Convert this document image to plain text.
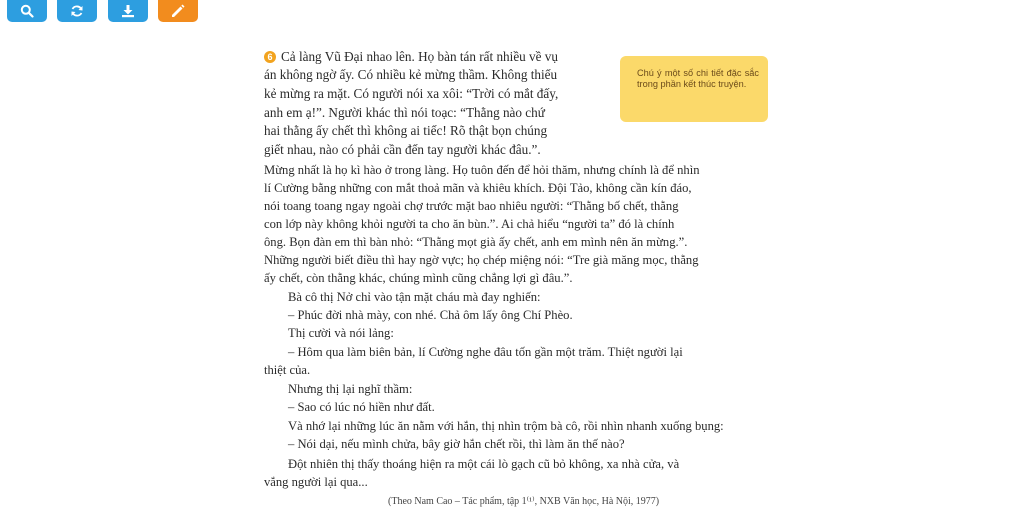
6 Cả làng Vũ Đại nhao lên. Họ bàn tán rất nhiều về vụ
án không ngờ ấy. Có nhiều kẻ mừng thầm. Không thiếu
kẻ mừng ra mặt. Có người nói xa xôi: “Trời có mắt đấy,
anh em ạ!”. Người khác thì nói toạc: “Thằng nào chứ
hai thằng ấy chết thì không ai tiếc! Rõ thật bọn chúng
giết nhau, nào có phải cần đến tay người khác đâu.”.
Chú ý một số chi tiết đặc sắc trong phần kết thúc truyện.
Mừng nhất là họ kì hào ở trong làng. Họ tuôn đến để hỏi thăm, nhưng chính là để nhìn
lí Cường bằng những con mắt thoả mãn và khiêu khích. Đội Tảo, không cần kín đáo,
nói toang toang ngay ngoài chợ trước mặt bao nhiêu người: “Thằng bố chết, thằng
con lớp này không khỏi người ta cho ăn bùn.”. Ai chả hiểu “người ta” đó là chính
ông. Bọn đàn em thì bàn nhỏ: “Thằng mọt già ấy chết, anh em mình nên ăn mừng.”.
Những người biết điều thì hay ngờ vực; họ chép miệng nói: “Tre già măng mọc, thằng
ấy chết, còn thằng khác, chúng mình cũng chẳng lợi gì đâu.”.
Bà cô thị Nở chỉ vào tận mặt cháu mà đay nghiến:
– Phúc đời nhà mày, con nhé. Chả ôm lấy ông Chí Phèo.
Thị cười và nói lảng:
– Hôm qua làm biên bản, lí Cường nghe đâu tốn gần một trăm. Thiệt người lại
thiệt của.
Nhưng thị lại nghĩ thầm:
– Sao có lúc nó hiền như đất.
Và nhớ lại những lúc ăn nằm với hắn, thị nhìn trộm bà cô, rồi nhìn nhanh xuống bụng:
– Nói dại, nếu mình chửa, bây giờ hắn chết rồi, thì làm ăn thế nào?
Đột nhiên thị thấy thoáng hiện ra một cái lò gạch cũ bỏ không, xa nhà cửa, và
vắng người lại qua...
(Theo Nam Cao – Tác phẩm, tập 1⁽¹⁾, NXB Văn học, Hà Nội, 1977)
